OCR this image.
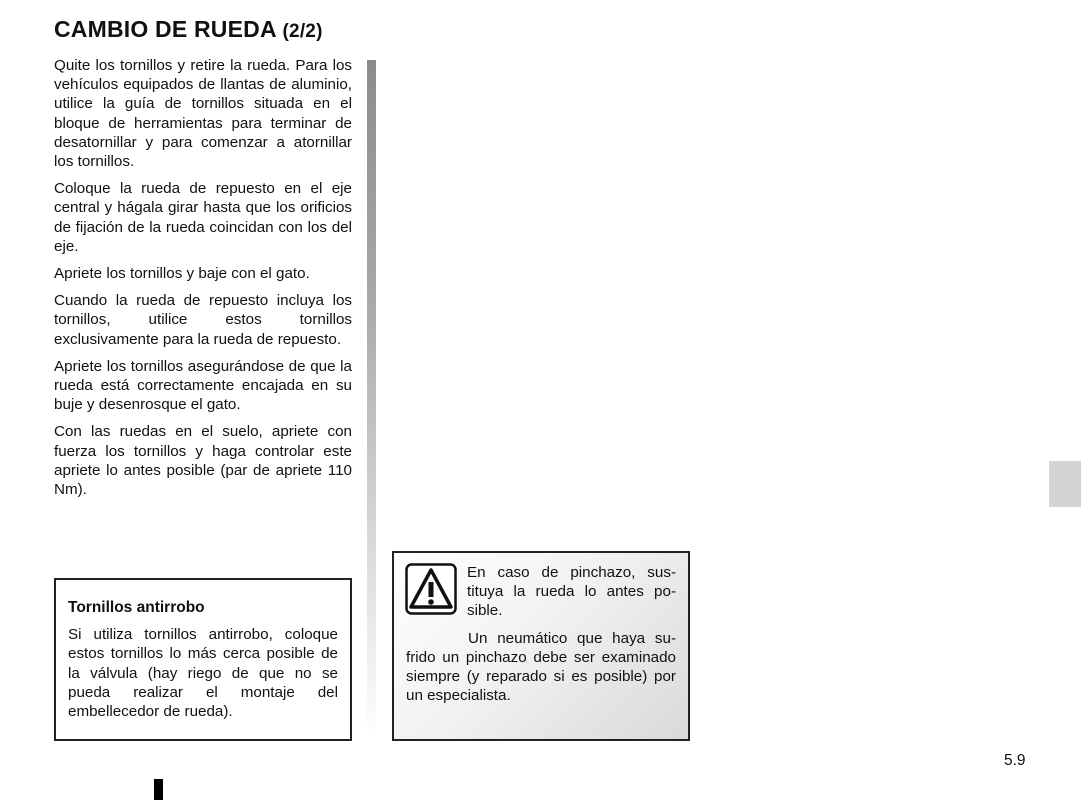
CAMBIO DE RUEDA (2/2)

Quite los tornillos y retire la rueda. Para los vehículos equipados de llantas de aluminio, utilice la guía de tornillos situada en el bloque de herramientas para terminar de desatornillar y para comenzar a atornillar los tornillos.

Coloque la rueda de repuesto en el eje central y hágala girar hasta que los orificios de fijación de la rueda coincidan con los del eje.

Apriete los tornillos y baje con el gato.

Cuando la rueda de repuesto incluya los tornillos, utilice estos tornillos exclusivamente para la rueda de repuesto.

Apriete los tornillos asegurándose de que la rueda está correctamente encajada en su buje y desenrosque el gato.

Con las ruedas en el suelo, apriete con fuerza los tornillos y haga controlar este apriete lo antes posible (par de apriete 110 Nm).

Tornillos antirrobo

Si utiliza tornillos antirrobo, coloque estos tornillos lo más cerca posible de la válvula (hay riego de que no se pueda realizar el montaje del embellecedor de rueda).

En caso de pinchazo, sustituya la rueda lo antes posible.

Un neumático que haya sufrido un pinchazo debe ser examinado siempre (y reparado si es posible) por un especialista.

5.9
